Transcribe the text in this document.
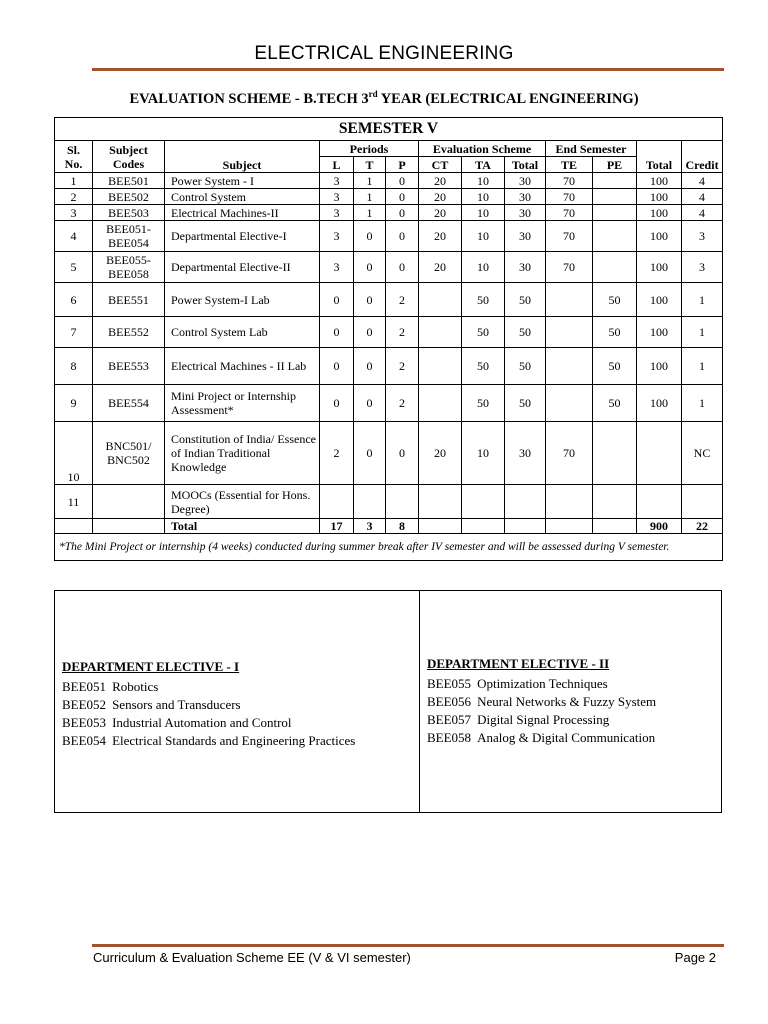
ELECTRICAL ENGINEERING
EVALUATION SCHEME - B.TECH 3rd YEAR (ELECTRICAL ENGINEERING)
SEMESTER V												
Sl. No.	Subject Codes	Subject	Periods			Evaluation Scheme			End Semester		Total	Credit
			L	T	P	CT	TA	Total	TE	PE		
1	BEE501	Power System - I	3	1	0	20	10	30	70		100	4
2	BEE502	Control System	3	1	0	20	10	30	70		100	4
3	BEE503	Electrical Machines-II	3	1	0	20	10	30	70		100	4
4	BEE051-BEE054	Departmental Elective-I	3	0	0	20	10	30	70		100	3
5	BEE055-BEE058	Departmental Elective-II	3	0	0	20	10	30	70		100	3
6	BEE551	Power System-I Lab	0	0	2		50	50		50	100	1
7	BEE552	Control System Lab	0	0	2		50	50		50	100	1
8	BEE553	Electrical Machines - II Lab	0	0	2		50	50		50	100	1
9	BEE554	Mini Project or Internship Assessment*	0	0	2		50	50		50	100	1
10	BNC501/ BNC502	Constitution of India/ Essence of Indian Traditional Knowledge	2	0	0	20	10	30	70			NC
11		MOOCs (Essential for Hons. Degree)										
		Total	17	3	8						900	22
*The Mini Project or internship (4 weeks) conducted during summer break after IV semester and will be assessed during V semester.												
DEPARTMENT ELECTIVE - I
BEE051 Robotics
BEE052 Sensors and Transducers
BEE053 Industrial Automation and Control
BEE054 Electrical Standards and Engineering Practices
DEPARTMENT ELECTIVE - II
BEE055 Optimization Techniques
BEE056 Neural Networks & Fuzzy System
BEE057 Digital Signal Processing
BEE058 Analog & Digital Communication
Curriculum & Evaluation Scheme EE (V & VI semester)	Page 2
